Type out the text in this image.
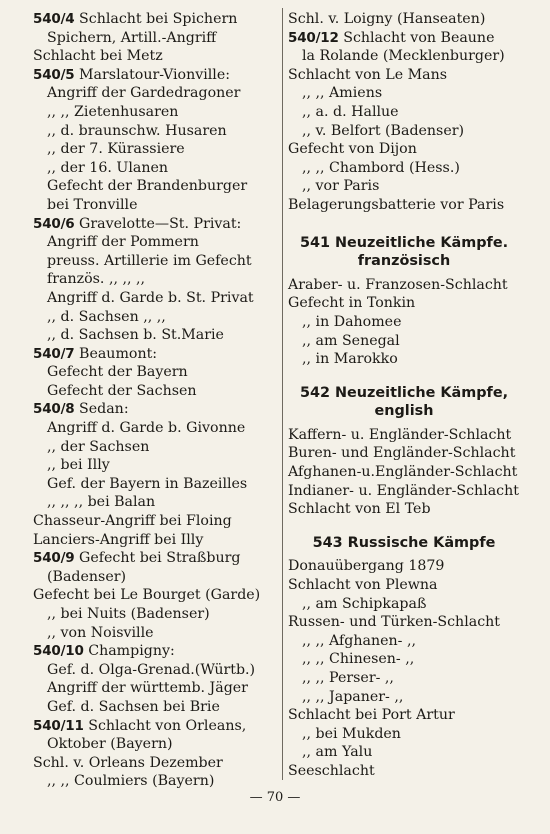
540/4 Schlacht bei Spichern
Spichern, Artill.-Angriff
Schlacht bei Metz
540/5 Marslatour-Vionville:
Angriff der Gardedragoner
,, ,, Zietenhusaren
,, d. braunschw. Husaren
,, der 7. Kürassiere
,, der 16. Ulanen
Gefecht der Brandenburger
bei Tronville
540/6 Gravelotte—St. Privat:
Angriff der Pommern
preuss. Artillerie im Gefecht
französ. ,, ,, ,,
Angriff d. Garde b. St. Privat
,, d. Sachsen ,, ,,
,, d. Sachsen b. St.Marie
540/7 Beaumont:
Gefecht der Bayern
Gefecht der Sachsen
540/8 Sedan:
Angriff d. Garde b. Givonne
,, der Sachsen
,, bei Illy
Gef. der Bayern in Bazeilles
,, ,, ,, bei Balan
Chasseur-Angriff bei Floing
Lanciers-Angriff bei Illy
540/9 Gefecht bei Straßburg
(Badenser)
Gefecht bei Le Bourget (Garde)
,, bei Nuits (Badenser)
,, von Noisville
540/10 Champigny:
Gef. d. Olga-Grenad.(Würtb.)
Angriff der württemb. Jäger
Gef. d. Sachsen bei Brie
540/11 Schlacht von Orleans,
Oktober (Bayern)
Schl. v. Orleans Dezember
,, ,, Coulmiers (Bayern)
Schl. v. Loigny (Hanseaten)
540/12 Schlacht von Beaune
la Rolande (Mecklenburger)
Schlacht von Le Mans
,, ,, Amiens
,, a. d. Hallue
,, v. Belfort (Badenser)
Gefecht von Dijon
,, ,, Chambord (Hess.)
,, vor Paris
Belagerungsbatterie vor Paris
541 Neuzeitliche Kämpfe.
französisch
Araber- u. Franzosen-Schlacht
Gefecht in Tonkin
,, in Dahomee
,, am Senegal
,, in Marokko
542 Neuzeitliche Kämpfe,
english
Kaffern- u. Engländer-Schlacht
Buren- und Engländer-Schlacht
Afghanen-u.Engländer-Schlacht
Indianer- u. Engländer-Schlacht
Schlacht von El Teb
543 Russische Kämpfe
Donauübergang 1879
Schlacht von Plewna
,, am Schipkapaß
Russen- und Türken-Schlacht
,, ,, Afghanen- ,,
,, ,, Chinesen- ,,
,, ,, Perser- ,,
,, ,, Japaner- ,,
Schlacht bei Port Artur
,, bei Mukden
,, am Yalu
Seeschlacht
— 70 —
